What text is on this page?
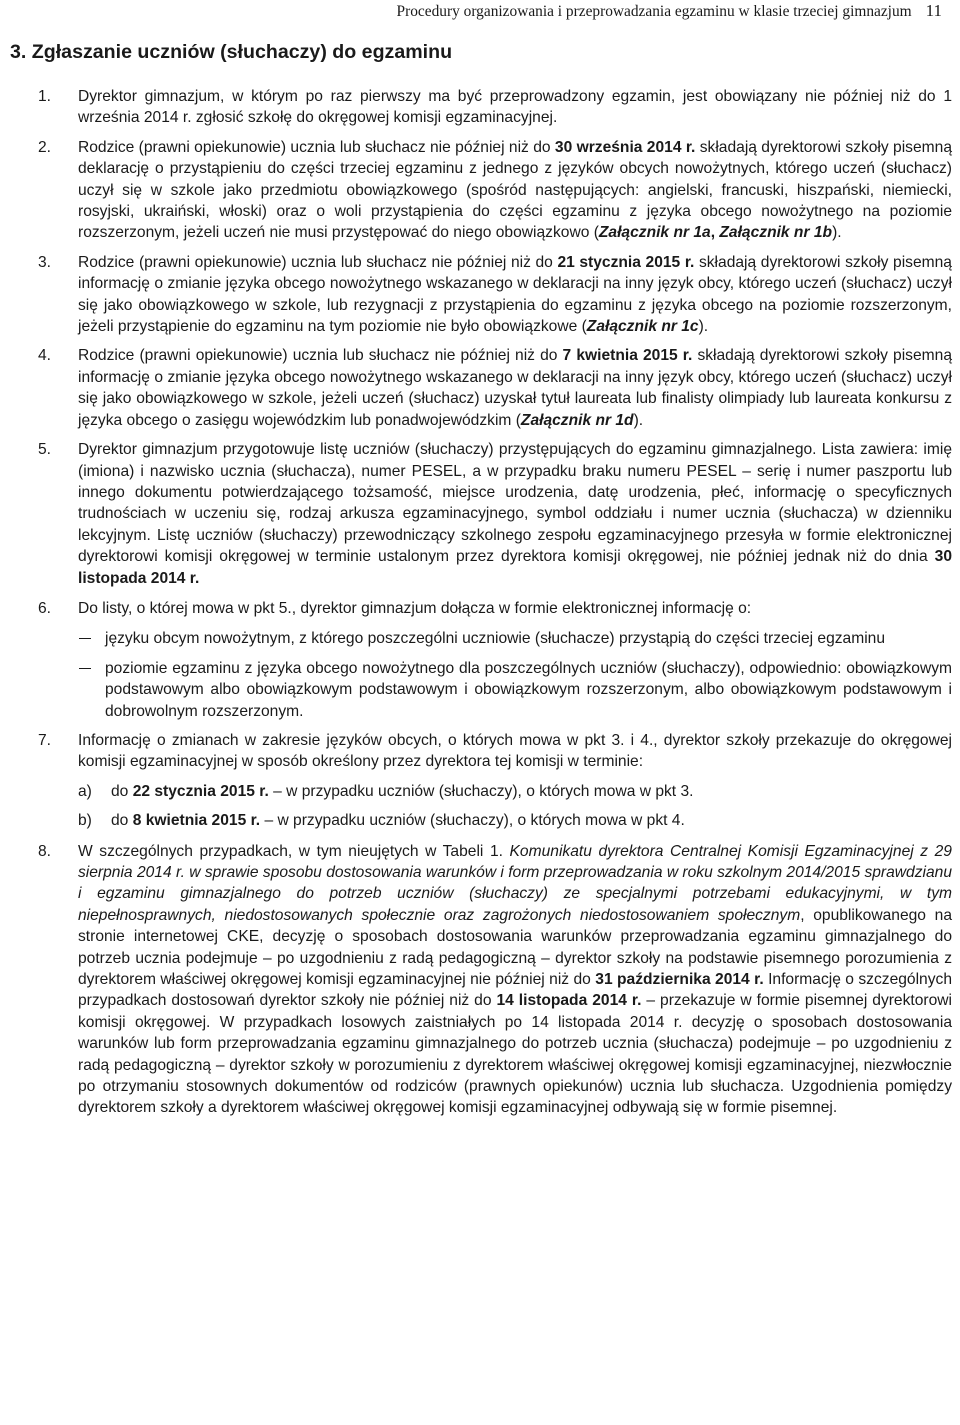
Procedury organizowania i przeprowadzania egzaminu w klasie trzeciej gimnazjum 11
3. Zgłaszanie uczniów (słuchaczy) do egzaminu
1. Dyrektor gimnazjum, w którym po raz pierwszy ma być przeprowadzony egzamin, jest obowiązany nie później niż do 1 września 2014 r. zgłosić szkołę do okręgowej komisji egzaminacyjnej.

2. Rodzice (prawni opiekunowie) ucznia lub słuchacz nie później niż do 30 września 2014 r. składają dyrektorowi szkoły pisemną deklarację o przystąpieniu do części trzeciej egzaminu z jednego z języków obcych nowożytnych, którego uczeń (słuchacz) uczył się w szkole jako przedmiotu obowiązkowego (spośród następujących: angielski, francuski, hiszpański, niemiecki, rosyjski, ukraiński, włoski) oraz o woli przystąpienia do części egzaminu z języka obcego nowożytnego na poziomie rozszerzonym, jeżeli uczeń nie musi przystępować do niego obowiązkowo (Załącznik nr 1a, Załącznik nr 1b).

3. Rodzice (prawni opiekunowie) ucznia lub słuchacz nie później niż do 21 stycznia 2015 r. składają dyrektorowi szkoły pisemną informację o zmianie języka obcego nowożytnego wskazanego w deklaracji na inny język obcy, którego uczeń (słuchacz) uczył się jako obowiązkowego w szkole, lub rezygnacji z przystąpienia do egzaminu z języka obcego na poziomie rozszerzonym, jeżeli przystąpienie do egzaminu na tym poziomie nie było obowiązkowe (Załącznik nr 1c).

4. Rodzice (prawni opiekunowie) ucznia lub słuchacz nie później niż do 7 kwietnia 2015 r. składają dyrektorowi szkoły pisemną informację o zmianie języka obcego nowożytnego wskazanego w deklaracji na inny język obcy, którego uczeń (słuchacz) uczył się jako obowiązkowego w szkole, jeżeli uczeń (słuchacz) uzyskał tytuł laureata lub finalisty olimpiady lub laureata konkursu z języka obcego o zasięgu wojewódzkim lub ponadwojewódzkim (Załącznik nr 1d).

5. Dyrektor gimnazjum przygotowuje listę uczniów (słuchaczy) przystępujących do egzaminu gimnazjalnego. Lista zawiera: imię (imiona) i nazwisko ucznia (słuchacza), numer PESEL, a w przypadku braku numeru PESEL – serię i numer paszportu lub innego dokumentu potwierdzającego tożsamość, miejsce urodzenia, datę urodzenia, płeć, informację o specyficznych trudnościach w uczeniu się, rodzaj arkusza egzaminacyjnego, symbol oddziału i numer ucznia (słuchacza) w dzienniku lekcyjnym. Listę uczniów (słuchaczy) przewodniczący szkolnego zespołu egzaminacyjnego przesyła w formie elektronicznej dyrektorowi komisji okręgowej w terminie ustalonym przez dyrektora komisji okręgowej, nie później jednak niż do dnia 30 listopada 2014 r.

6. Do listy, o której mowa w pkt 5., dyrektor gimnazjum dołącza w formie elektronicznej informację o:

języku obcym nowożytnym, z którego poszczególni uczniowie (słuchacze) przystąpią do części trzeciej egzaminu
poziomie egzaminu z języka obcego nowożytnego dla poszczególnych uczniów (słuchaczy), odpowiednio: obowiązkowym podstawowym albo obowiązkowym podstawowym i obowiązkowym rozszerzonym, albo obowiązkowym podstawowym i dobrowolnym rozszerzonym.
7. Informację o zmianach w zakresie języków obcych, o których mowa w pkt 3. i 4., dyrektor szkoły przekazuje do okręgowej komisji egzaminacyjnej w sposób określony przez dyrektora tej komisji w terminie:

a) do 22 stycznia 2015 r. – w przypadku uczniów (słuchaczy), o których mowa w pkt 3.
b) do 8 kwietnia 2015 r. – w przypadku uczniów (słuchaczy), o których mowa w pkt 4.
8. W szczególnych przypadkach, w tym nieujętych w Tabeli 1. Komunikatu dyrektora Centralnej Komisji Egzaminacyjnej z 29 sierpnia 2014 r. w sprawie sposobu dostosowania warunków i form przeprowadzania w roku szkolnym 2014/2015 sprawdzianu i egzaminu gimnazjalnego do potrzeb uczniów (słuchaczy) ze specjalnymi potrzebami edukacyjnymi, w tym niepełnosprawnych, niedostosowanych społecznie oraz zagrożonych niedostosowaniem społecznym, opublikowanego na stronie internetowej CKE, decyzję o sposobach dostosowania warunków przeprowadzania egzaminu gimnazjalnego do potrzeb ucznia podejmuje – po uzgodnieniu z radą pedagogiczną – dyrektor szkoły na podstawie pisemnego porozumienia z dyrektorem właściwej okręgowej komisji egzaminacyjnej nie później niż do 31 października 2014 r. Informację o szczególnych przypadkach dostosowań dyrektor szkoły nie później niż do 14 listopada 2014 r. – przekazuje w formie pisemnej dyrektorowi komisji okręgowej. W przypadkach losowych zaistniałych po 14 listopada 2014 r. decyzję o sposobach dostosowania warunków lub form przeprowadzania egzaminu gimnazjalnego do potrzeb ucznia (słuchacza) podejmuje – po uzgodnieniu z radą pedagogiczną – dyrektor szkoły w porozumieniu z dyrektorem właściwej okręgowej komisji egzaminacyjnej, niezwłocznie po otrzymaniu stosownych dokumentów od rodziców (prawnych opiekunów) ucznia lub słuchacza. Uzgodnienia pomiędzy dyrektorem szkoły a dyrektorem właściwej okręgowej komisji egzaminacyjnej odbywają się w formie pisemnej.
